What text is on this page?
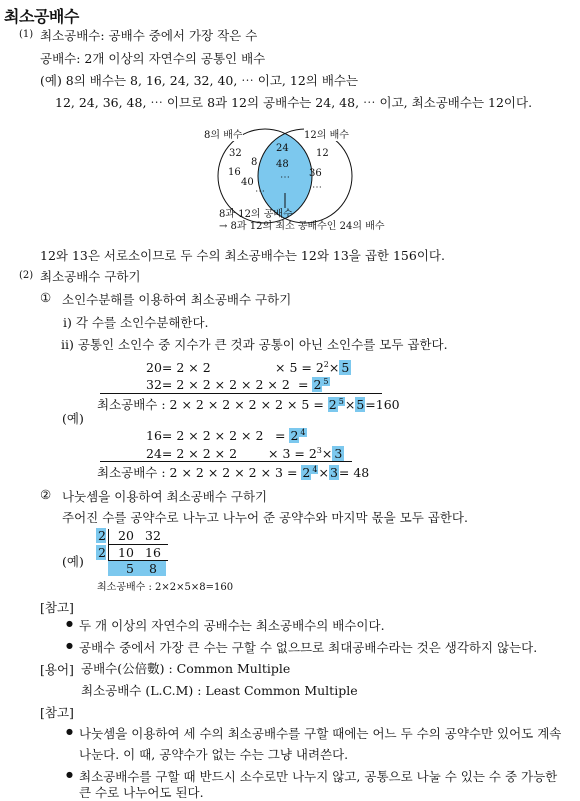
최소공배수
(1) 최소공배수: 공배수 중에서 가장 작은 수
공배수: 2개 이상의 자연수의 공통인 배수
(예) 8의 배수는 8, 16, 24, 32, 40, ⋯ 이고, 12의 배수는
12, 24, 36, 48, ⋯ 이므로 8과 12의 공배수는 24, 48, ⋯ 이고, 최소공배수는 12이다.
8의 배수	12의 배수
32
8
16
40
⋯
24
48
⋯
12
36
⋯
8과 12의 공배수
→ 8과 12의 최소 공배수인 24의 배수
12와 13은 서로소이므로 두 수의 최소공배수는 12와 13을 곱한 156이다.
(2) 최소공배수 구하기
① 소인수분해를 이용하여 최소공배수 구하기
i) 각 수를 소인수분해한다.
ii) 공통인 소인수 중 지수가 큰 것과 공통이 아닌 소인수를 모두 곱한다.
20= 2 × 2	× $5 = 2^2\times 5$
32= 2 × 2 × 2 × 2 × 2 = 2 $^5$
최소공배수 : 2 × 2 × 2 × 2 × 2 × 5 = 2 $^5$×5=160
(예)
16= 2 × 2 × 2 × 2 = 2 $^4$
$24= 2 \times 2 \times 2 \times 3 = 2^3\times 3$
최소공배수 : 2 × 2 × 2 × 2 × 3 = 2 $^4$×3= 48
② 나눗셈을 이용하여 최소공배수 구하기
주어진 수를 공약수로 나누고 나누어 준 공약수와 마지막 몫을 모두 곱한다.
(예)
2
2
20 32
10 16
5 8
최소공배수 : 2×2×5×8=160
[참고]
● 두 개 이상의 자연수의 공배수는 최소공배수의 배수이다.
● 공배수 중에서 가장 큰 수는 구할 수 없으므로 최대공배수라는 것은 생각하지 않는다.
[용어] 공배수(公倍數) : Common Multiple
최소공배수 (L.C.M) : Least Common Multiple
[참고]
● 나눗셈을 이용하여 세 수의 최소공배수를 구할 때에는 어느 두 수의 공약수만 있어도 계속
나눈다. 이 때, 공약수가 없는 수는 그냥 내려쓴다.
● 최소공배수를 구할 때 반드시 소수로만 나누지 않고, 공통으로 나눌 수 있는 수 중 가능한
큰 수로 나누어도 된다.
